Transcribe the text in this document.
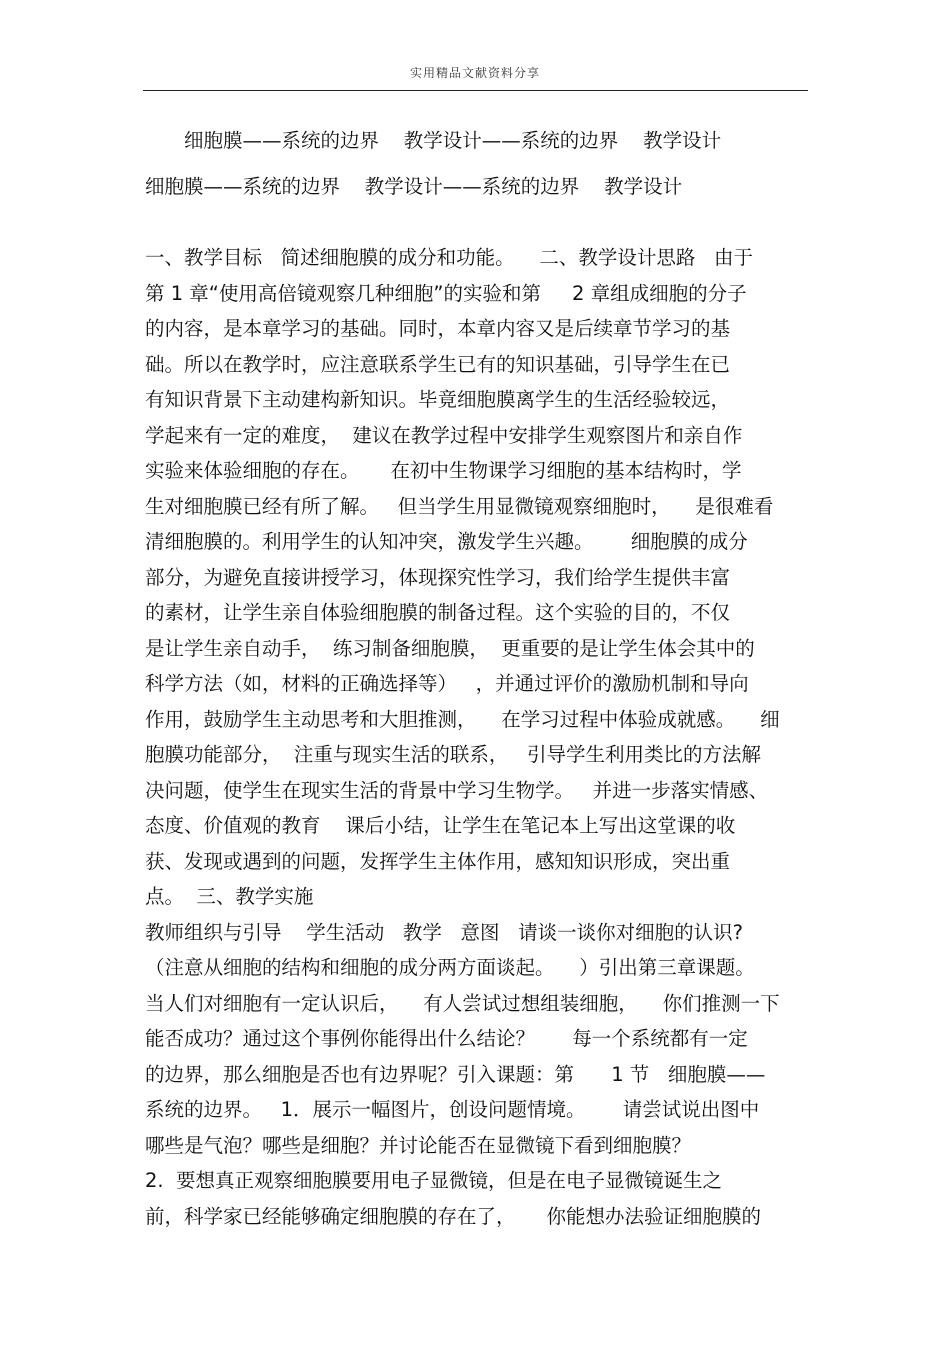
实用精品文献资料分享
细胞膜——系统的边界    教学设计——系统的边界    教学设计
细胞膜——系统的边界    教学设计——系统的边界    教学设计
一、教学目标   简述细胞膜的成分和功能。    二、教学设计思路   由于
第 1 章“使用高倍镜观察几种细胞”的实验和第     2 章组成细胞的分子
的内容，是本章学习的基础。同时，本章内容又是后续章节学习的基
础。所以在教学时，应注意联系学生已有的知识基础，引导学生在已
有知识背景下主动建构新知识。毕竟细胞膜离学生的生活经验较远，
学起来有一定的难度，  建议在教学过程中安排学生观察图片和亲自作
实验来体验细胞的存在。     在初中生物课学习细胞的基本结构时，学
生对细胞膜已经有所了解。   但当学生用显微镜观察细胞时，    是很难看
清细胞膜的。利用学生的认知冲突，激发学生兴趣。      细胞膜的成分
部分，为避免直接讲授学习，体现探究性学习，我们给学生提供丰富
的素材，让学生亲自体验细胞膜的制备过程。这个实验的目的，不仅
是让学生亲自动手，  练习制备细胞膜，  更重要的是让学生体会其中的
科学方法（如，材料的正确选择等）   ，并通过评价的激励机制和导向
作用，鼓励学生主动思考和大胆推测，    在学习过程中体验成就感。    细
胞膜功能部分，  注重与现实生活的联系，   引导学生利用类比的方法解
决问题，使学生在现实生活的背景中学习生物学。   并进一步落实情感、
态度、价值观的教育    课后小结，让学生在笔记本上写出这堂课的收
获、发现或遇到的问题，发挥学生主体作用，感知知识形成，突出重
点。  三、教学实施
教师组织与引导    学生活动   教学   意图   请谈一谈你对细胞的认识?
（注意从细胞的结构和细胞的成分两方面谈起。    ）引出第三章课题。
当人们对细胞有一定认识后，    有人尝试过想组装细胞，    你们推测一下
能否成功？通过这个事例你能得出什么结论？      每一个系统都有一定
的边界，那么细胞是否也有边界呢？引入课题：第      1 节   细胞膜——
系统的边界。   1．展示一幅图片，创设问题情境。      请尝试说出图中
哪些是气泡？哪些是细胞？并讨论能否在显微镜下看到细胞膜？
2.  要想真正观察细胞膜要用电子显微镜，但是在电子显微镜诞生之
前，科学家已经能够确定细胞膜的存在了，     你能想办法验证细胞膜的
